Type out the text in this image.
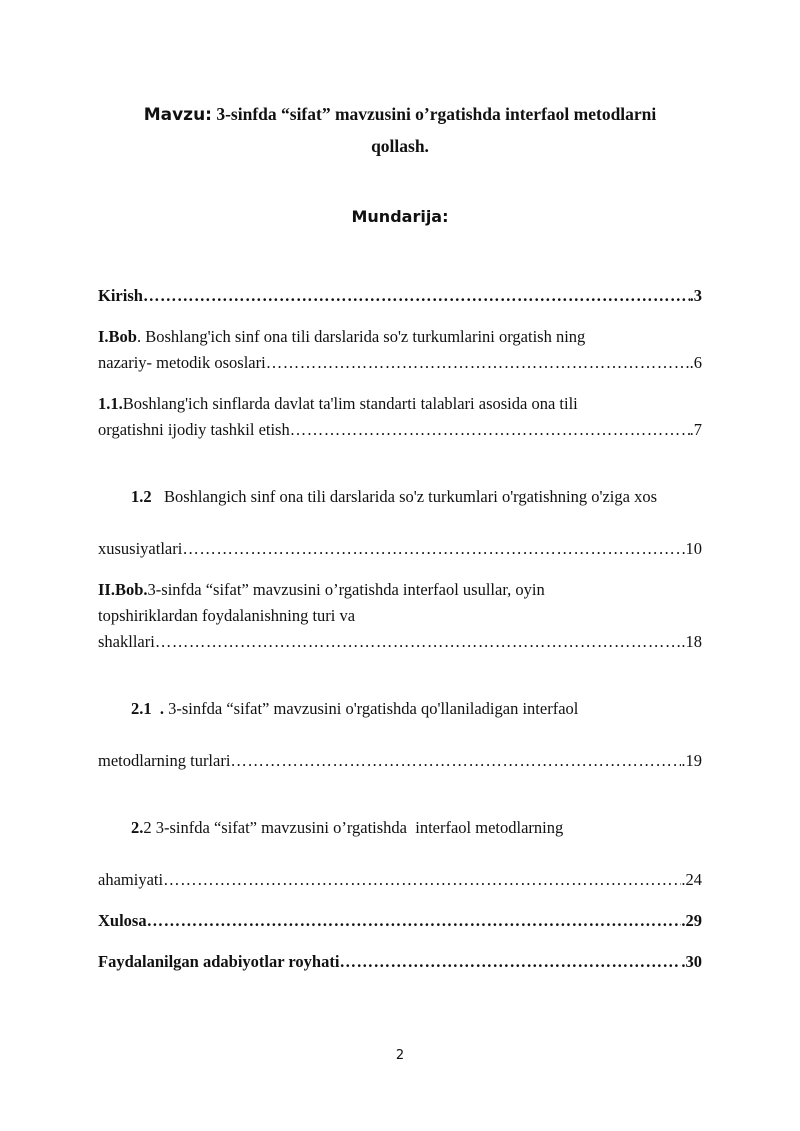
Mavzu: 3-sinfda “sifat” mavzusini o’rgatishda interfaol metodlarni
qollash.
Mundarija:
Kirish …………………………………………………………………………………………………………………………………………………………………………………	.3
I.Bob. Boshlang'ich sinf ona tili darslarida so'z turkumlarini orgatish ning
nazariy- metodik ososlari …………………………………………………………………………………………………………………………………………………………………………………	.6
1.1.Boshlang'ich sinflarda davlat ta'lim standarti talablari asosida ona tili
orgatishni ijodiy tashkil etish …………………………………………………………………………………………………………………………………………………………………………………	.7

1.2   Boshlangich sinf ona tili darslarida so'z turkumlari o'rgatishning o'ziga xos

xususiyatlari …………………………………………………………………………………………………………………………………………………………………………………	10
II.Bob.3-sinfda “sifat” mavzusini o’rgatishda interfaol usullar, oyin
topshiriklardan foydalanishning turi va
shakllari …………………………………………………………………………………………………………………………………………………………………………………	.18

2.1  . 3-sinfda “sifat” mavzusini o'rgatishda qo'llaniladigan interfaol

metodlarning turlari …………………………………………………………………………………………………………………………………………………………………………………	.19

2.2 3-sinfda “sifat” mavzusini o’rgatishda  interfaol metodlarning

ahamiyati …………………………………………………………………………………………………………………………………………………………………………………	.24
Xulosa …………………………………………………………………………………………………………………………………………………………………………………	.29
Faydalanilgan adabiyotlar royhati …………………………………………………………………………………………………………………………………………………………………………………	.30
2
